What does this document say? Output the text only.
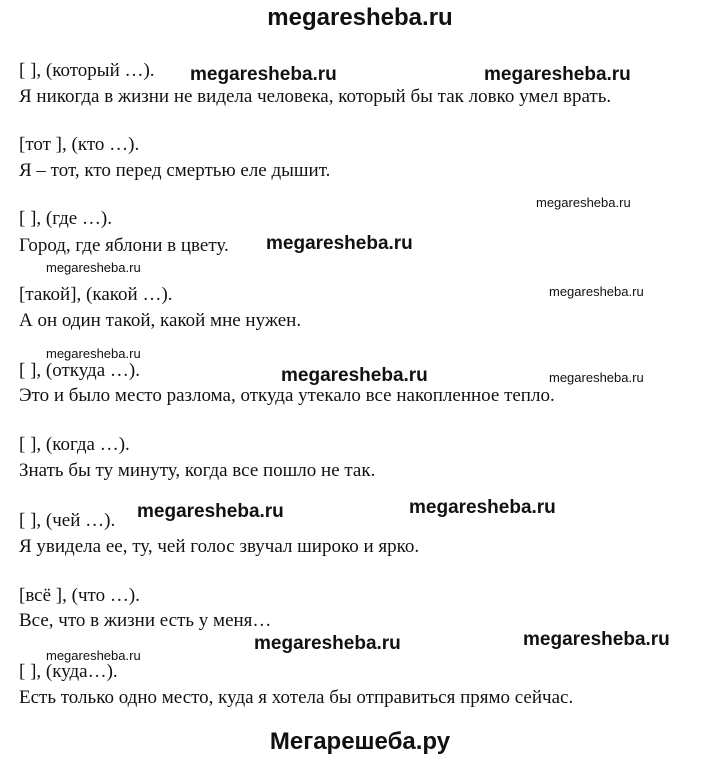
megaresheba.ru
[ ], (который …).
Я никогда в жизни не видела человека, который бы так ловко умел врать.
[тот ], (кто …).
Я – тот, кто перед смертью еле дышит.
[ ], (где …).
Город, где яблони в цвету.
[такой], (какой …).
А он один такой, какой мне нужен.
[ ], (откуда …).
Это и было место разлома, откуда утекало все накопленное тепло.
[ ], (когда …).
Знать бы ту минуту, когда все пошло не так.
[ ], (чей …).
Я увидела ее, ту, чей голос звучал широко и ярко.
[всё ], (что …).
Все, что в жизни есть у меня…
[ ], (куда…).
Есть только одно место, куда я хотела бы отправиться прямо сейчас.
megaresheba.ru	megaresheba.ru
megaresheba.ru
megaresheba.ru
megaresheba.ru
megaresheba.ru
megaresheba.ru
megaresheba.ru	megaresheba.ru
megaresheba.ru	megaresheba.ru
megaresheba.ru	megaresheba.ru
megaresheba.ru
Мегарешеба.ру
